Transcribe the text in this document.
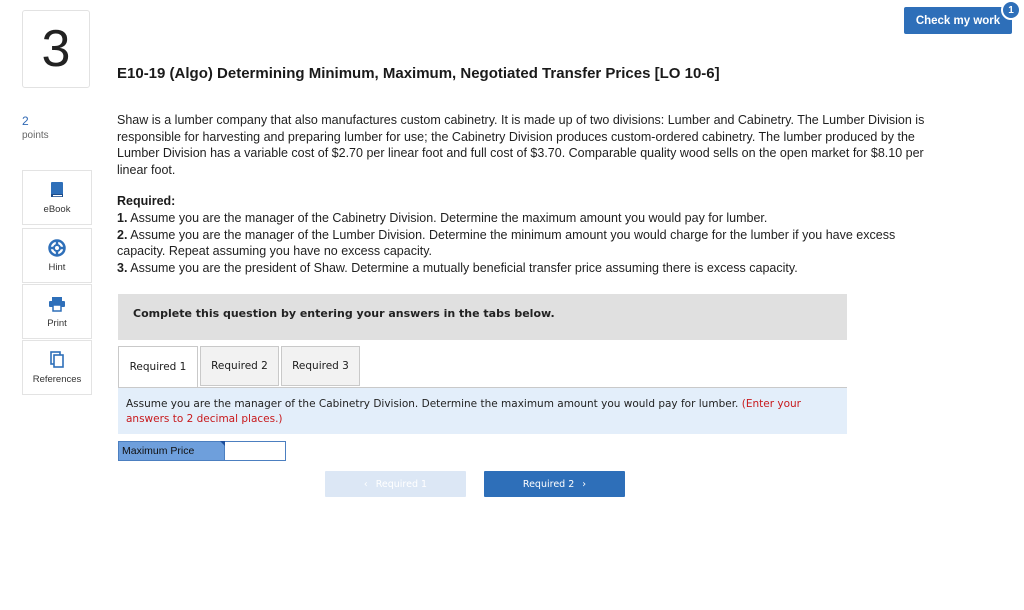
3
2
points
eBook
Hint
Print
References
Check my work
1
E10-19 (Algo) Determining Minimum, Maximum, Negotiated Transfer Prices [LO 10-6]

Shaw is a lumber company that also manufactures custom cabinetry. It is made up of two divisions: Lumber and Cabinetry. The Lumber Division is responsible for harvesting and preparing lumber for use; the Cabinetry Division produces custom-ordered cabinetry. The lumber produced by the Lumber Division has a variable cost of $2.70 per linear foot and full cost of $3.70. Comparable quality wood sells on the open market for $8.10 per linear foot.

Required:
1. Assume you are the manager of the Cabinetry Division. Determine the maximum amount you would pay for lumber.
2. Assume you are the manager of the Lumber Division. Determine the minimum amount you would charge for the lumber if you have excess capacity. Repeat assuming you have no excess capacity.
3. Assume you are the president of Shaw. Determine a mutually beneficial transfer price assuming there is excess capacity.
Complete this question by entering your answers in the tabs below.
Required 1	Required 2	Required 3
Assume you are the manager of the Cabinetry Division. Determine the maximum amount you would pay for lumber. (Enter your answers to 2 decimal places.)
Maximum Price
‹ Required 1	Required 2 ›
